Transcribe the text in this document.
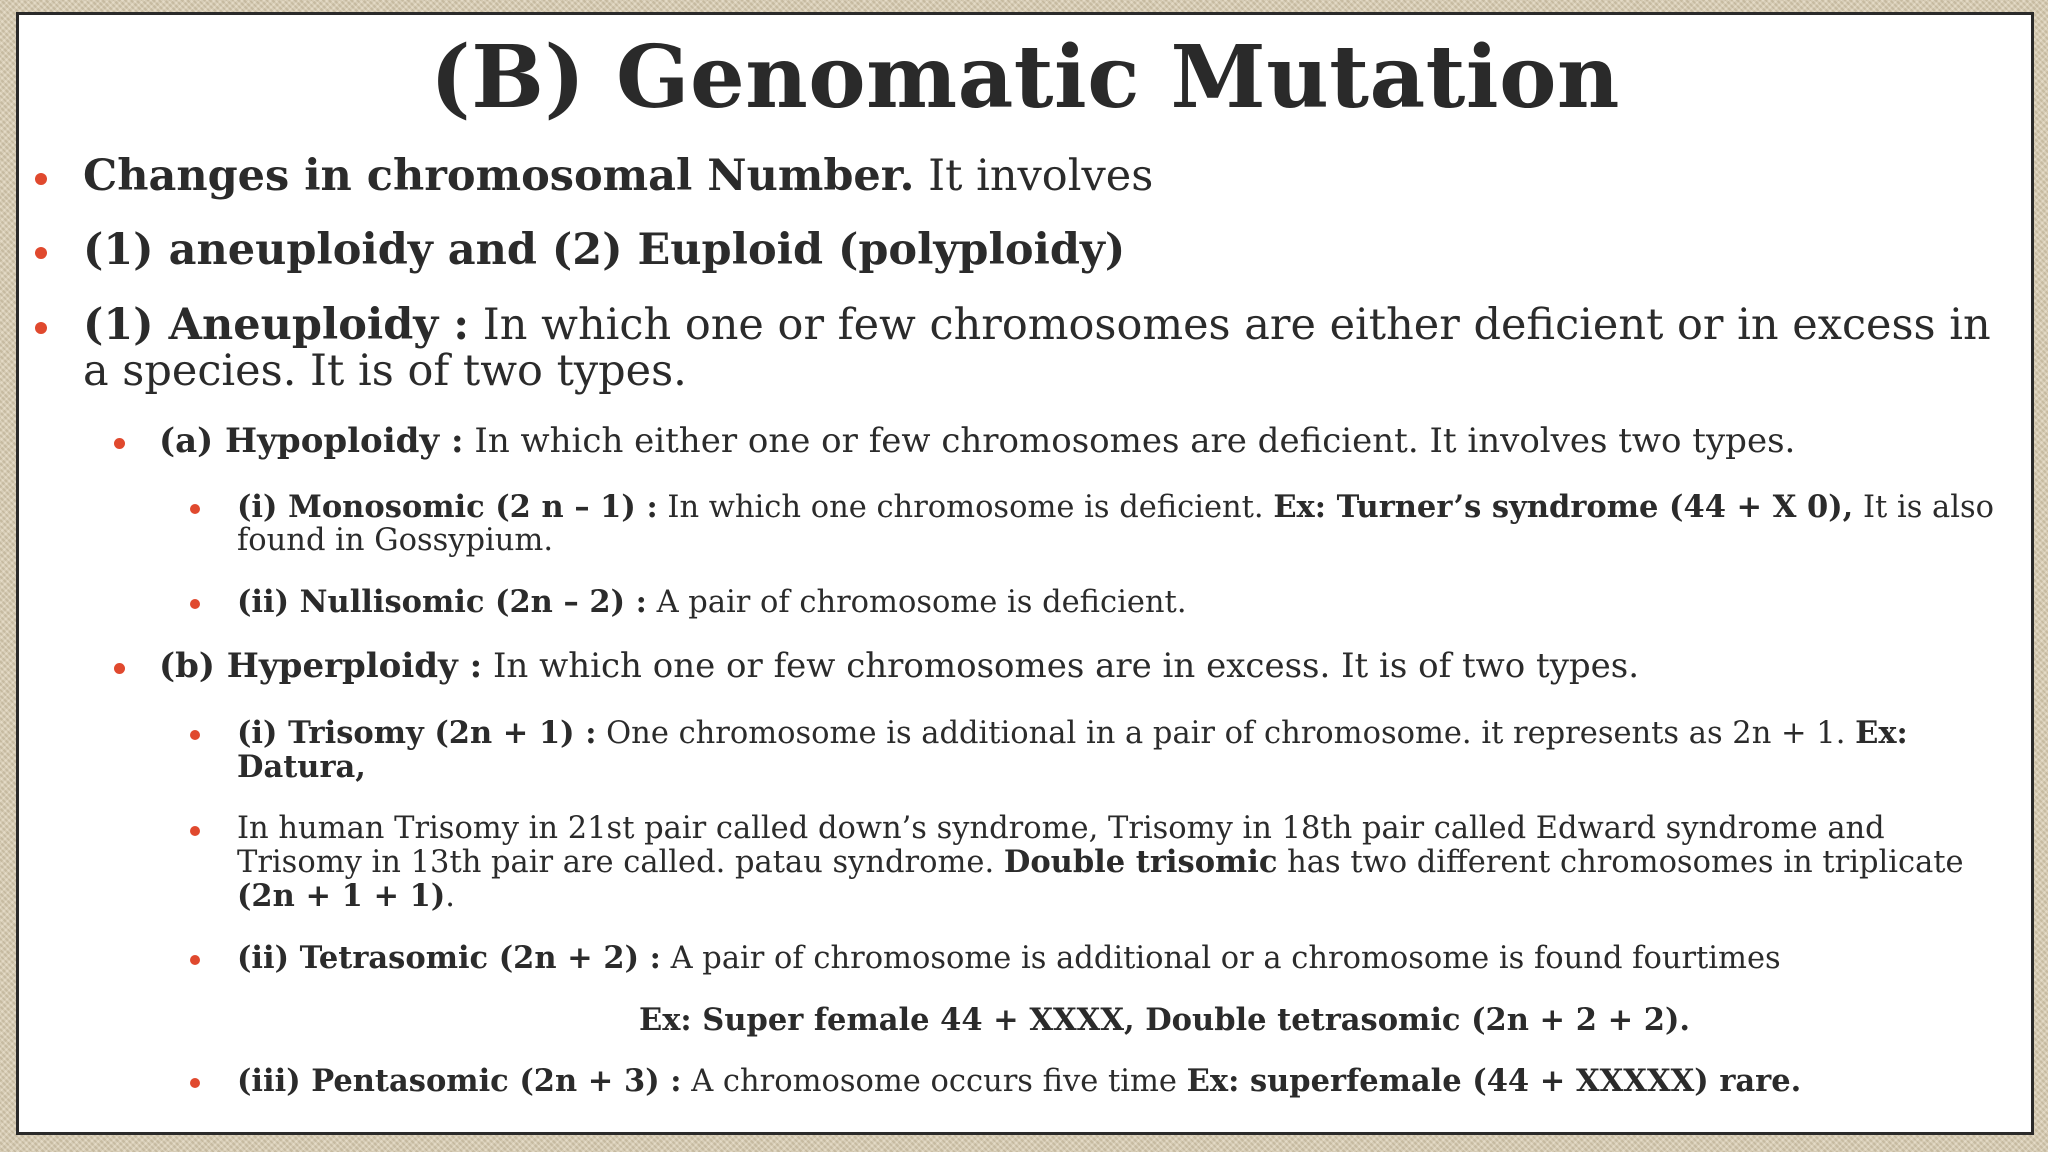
(B) Genomatic Mutation
Changes in chromosomal Number. It involves
(1) aneuploidy and (2) Euploid (polyploidy)
(1) Aneuploidy : In which one or few chromosomes are either deficient or in excess in a species. It is of two types.
(a) Hypoploidy : In which either one or few chromosomes are deficient. It involves two types.
(i) Monosomic (2 n – 1) : In which one chromosome is deficient. Ex: Turner’s syndrome (44 + X 0), It is also found in Gossypium.
(ii) Nullisomic (2n – 2) : A pair of chromosome is deficient.
(b) Hyperploidy : In which one or few chromosomes are in excess. It is of two types.
(i) Trisomy (2n + 1) : One chromosome is additional in a pair of chromosome. it represents as 2n + 1. Ex: Datura,
In human Trisomy in 21st pair called down’s syndrome, Trisomy in 18th pair called Edward syndrome and Trisomy in 13th pair are called. patau syndrome. Double trisomic has two different chromosomes in triplicate (2n + 1 + 1).
(ii) Tetrasomic (2n + 2) : A pair of chromosome is additional or a chromosome is found fourtimes
Ex: Super female 44 + XXXX, Double tetrasomic (2n + 2 + 2).
(iii) Pentasomic (2n + 3) : A chromosome occurs five time Ex: superfemale (44 + XXXXX) rare.
